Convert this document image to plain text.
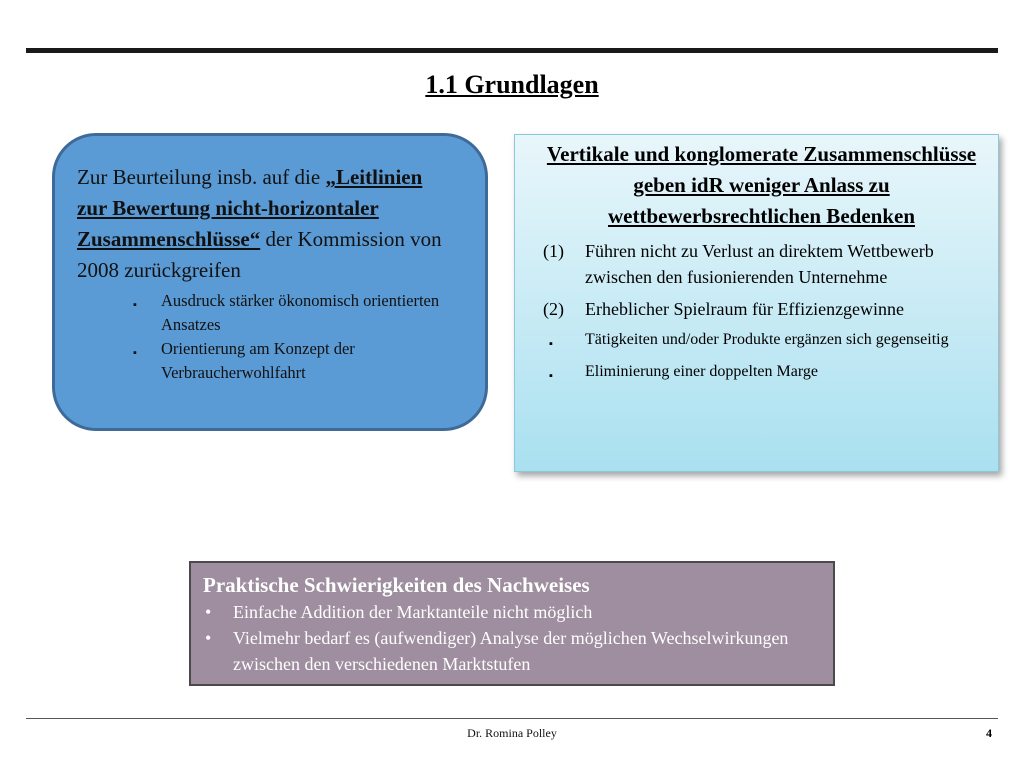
1.1 Grundlagen
Zur Beurteilung insb. auf die „Leitlinien zur Bewertung nicht-horizontaler Zusammenschlüsse“ der Kommission von 2008 zurückgreifen
▪ Ausdruck stärker ökonomisch orientierten Ansatzes
▪ Orientierung am Konzept der Verbraucherwohlfahrt
Vertikale und konglomerate Zusammenschlüsse geben idR weniger Anlass zu wettbewerbsrechtlichen Bedenken
(1) Führen nicht zu Verlust an direktem Wettbewerb zwischen den fusionierenden Unternehme
(2) Erheblicher Spielraum für Effizienzgewinne
▪ Tätigkeiten und/oder Produkte ergänzen sich gegenseitig
▪ Eliminierung einer doppelten Marge
Praktische Schwierigkeiten des Nachweises
• Einfache Addition der Marktanteile nicht möglich
• Vielmehr bedarf es (aufwendiger) Analyse der möglichen Wechselwirkungen zwischen den verschiedenen Marktstufen
Dr. Romina Polley	4
